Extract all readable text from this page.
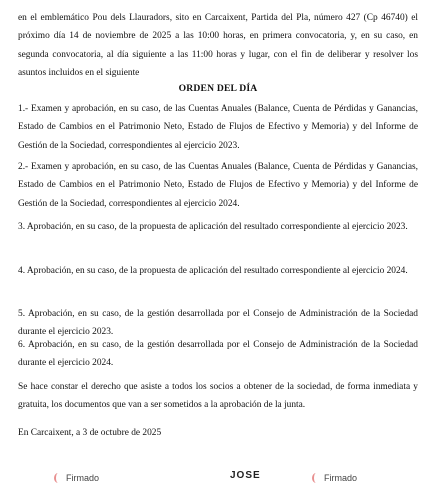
en el emblemático Pou dels Llauradors, sito en Carcaixent, Partida del Pla, número 427 (Cp 46740) el próximo día 14 de noviembre de 2025 a las 10:00 horas, en primera convocatoria, y, en su caso, en segunda convocatoria, al día siguiente a las 11:00 horas y lugar, con el fin de deliberar y resolver los asuntos incluidos en el siguiente

ORDEN DEL DÍA

1.- Examen y aprobación, en su caso, de las Cuentas Anuales (Balance, Cuenta de Pérdidas y Ganancias, Estado de Cambios en el Patrimonio Neto, Estado de Flujos de Efectivo y Memoria) y del Informe de Gestión de la Sociedad, correspondientes al ejercicio 2023.

2.- Examen y aprobación, en su caso, de las Cuentas Anuales (Balance, Cuenta de Pérdidas y Ganancias, Estado de Cambios en el Patrimonio Neto, Estado de Flujos de Efectivo y Memoria) y del Informe de Gestión de la Sociedad, correspondientes al ejercicio 2024.

3. Aprobación, en su caso, de la propuesta de aplicación del resultado correspondiente al ejercicio 2023.

4. Aprobación, en su caso, de la propuesta de aplicación del resultado correspondiente al ejercicio 2024.

5. Aprobación, en su caso, de la gestión desarrollada por el Consejo de Administración de la Sociedad durante el ejercicio 2023.

6. Aprobación, en su caso, de la gestión desarrollada por el Consejo de Administración de la Sociedad durante el ejercicio 2024.

Se hace constar el derecho que asiste a todos los socios a obtener de la sociedad, de forma inmediata y gratuita, los documentos que van a ser sometidos a la aprobación de la junta.

En Carcaixent, a 3 de octubre de 2025

Firmado	JOSE	Firmado
